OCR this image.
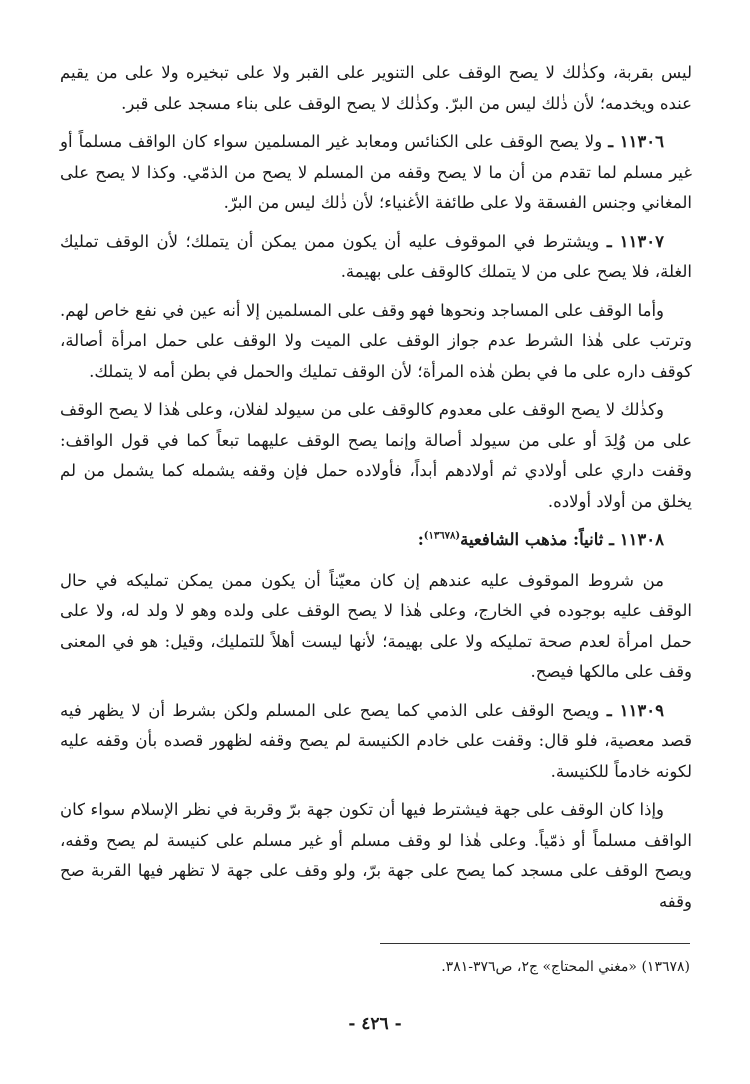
ليس بقربة، وكذٰلك لا يصح الوقف على التنوير على القبر ولا على تبخيره ولا على من يقيم عنده ويخدمه؛ لأن ذٰلك ليس من البرّ. وكذٰلك لا يصح الوقف على بناء مسجد على قبر.

١١٣٠٦ ـ ولا يصح الوقف على الكنائس ومعابد غير المسلمين سواء كان الواقف مسلماً أو غير مسلم لما تقدم من أن ما لا يصح وقفه من المسلم لا يصح من الذمّي. وكذا لا يصح على المغاني وجنس الفسقة ولا على طائفة الأغنياء؛ لأن ذٰلك ليس من البرّ.

١١٣٠٧ ـ ويشترط في الموقوف عليه أن يكون ممن يمكن أن يتملك؛ لأن الوقف تمليك الغلة، فلا يصح على من لا يتملك كالوقف على بهيمة.

وأما الوقف على المساجد ونحوها فهو وقف على المسلمين إلا أنه عين في نفع خاص لهم. وترتب على هٰذا الشرط عدم جواز الوقف على الميت ولا الوقف على حمل امرأة أصالة، كوقف داره على ما في بطن هٰذه المرأة؛ لأن الوقف تمليك والحمل في بطن أمه لا يتملك.

وكذٰلك لا يصح الوقف على معدوم كالوقف على من سيولد لفلان، وعلى هٰذا لا يصح الوقف على من وُلِدَ أو على من سيولد أصالة وإنما يصح الوقف عليهما تبعاً كما في قول الواقف: وقفت داري على أولادي ثم أولادهم أبداً، فأولاده حمل فإن وقفه يشمله كما يشمل من لم يخلق من أولاد أولاده.

١١٣٠٨ ـ ثانياً: مذهب الشافعية$^{(١٣٦٧٨)}$:

من شروط الموقوف عليه عندهم إن كان معيّناً أن يكون ممن يمكن تمليكه في حال الوقف عليه بوجوده في الخارج، وعلى هٰذا لا يصح الوقف على ولده وهو لا ولد له، ولا على حمل امرأة لعدم صحة تمليكه ولا على بهيمة؛ لأنها ليست أهلاً للتمليك، وقيل: هو في المعنى وقف على مالكها فيصح.

١١٣٠٩ ـ ويصح الوقف على الذمي كما يصح على المسلم ولكن بشرط أن لا يظهر فيه قصد معصية، فلو قال: وقفت على خادم الكنيسة لم يصح وقفه لظهور قصده بأن وقفه عليه لكونه خادماً للكنيسة.

وإذا كان الوقف على جهة فيشترط فيها أن تكون جهة برّ وقربة في نظر الإسلام سواء كان الواقف مسلماً أو ذمّياً. وعلى هٰذا لو وقف مسلم أو غير مسلم على كنيسة لم يصح وقفه، ويصح الوقف على مسجد كما يصح على جهة برّ، ولو وقف على جهة لا تظهر فيها القربة صح وقفه

(١٣٦٧٨) «مغني المحتاج» ج٢، ص٣٧٦-٣٨١.
- ٤٢٦ -
